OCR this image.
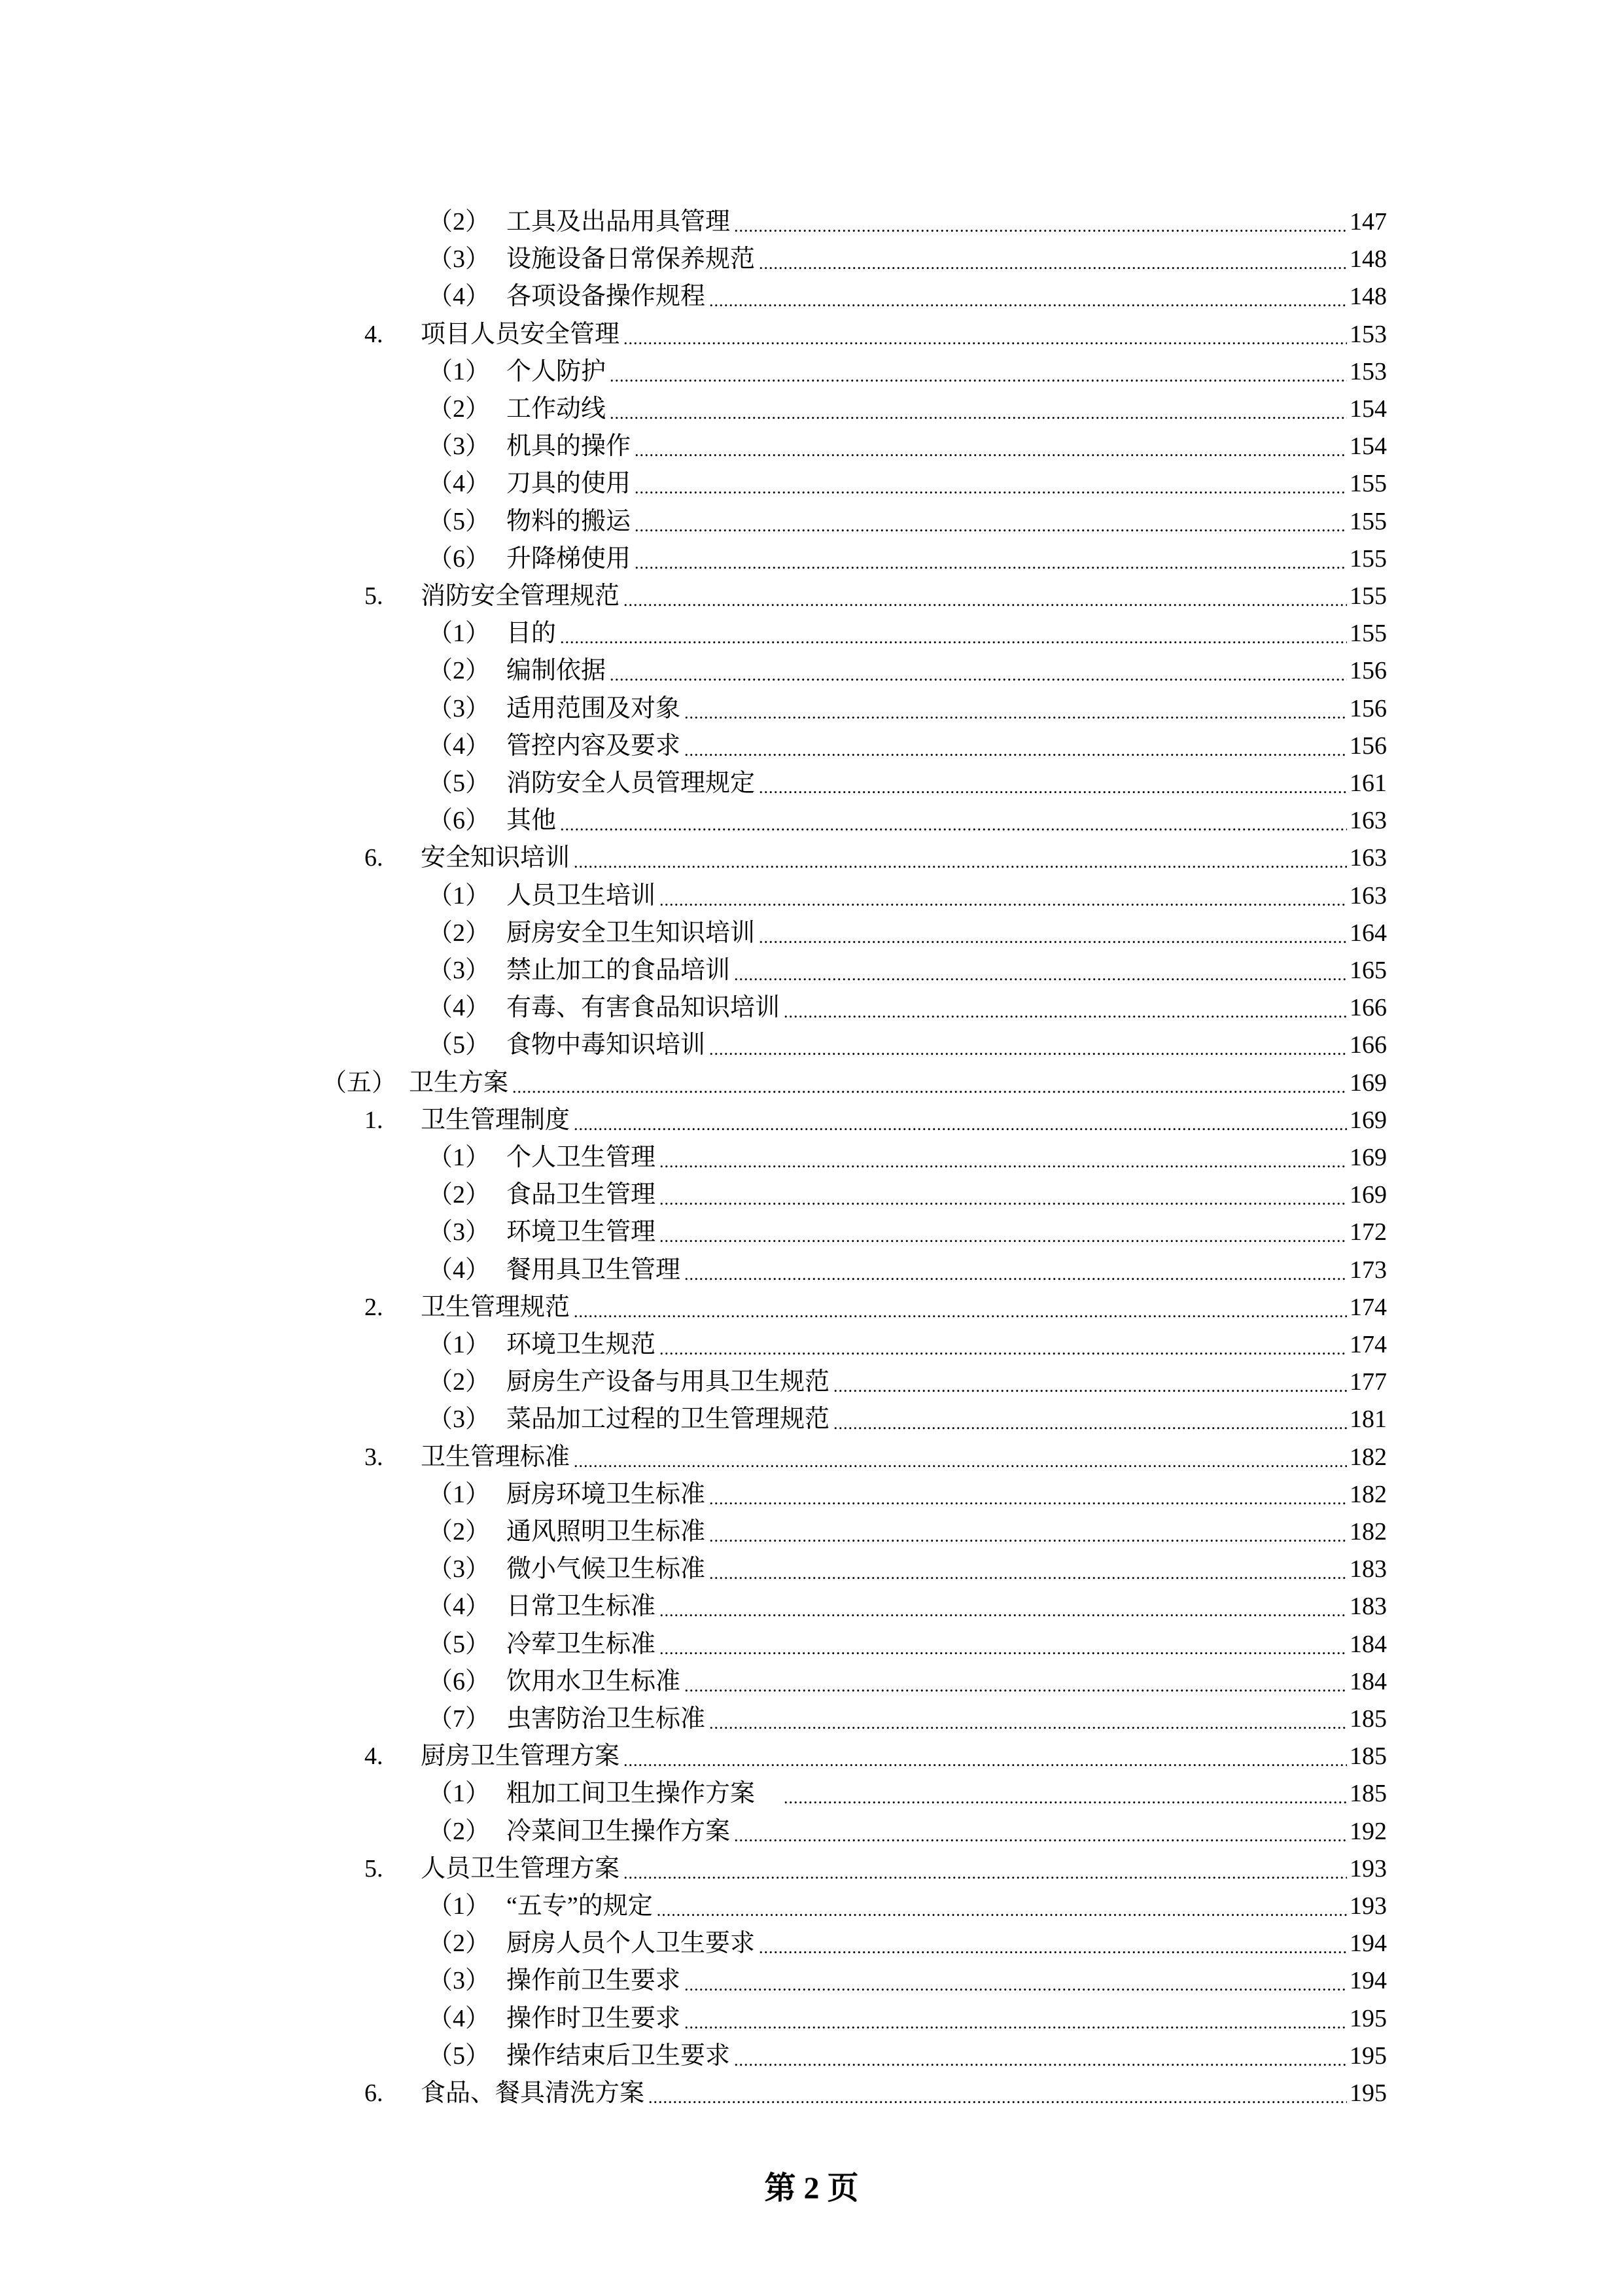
（2） 工具及出品用具管理 .....	147
（3） 设施设备日常保养规范 .....	148
（4） 各项设备操作规程 .....	148
4.	项目人员安全管理 .....	153
（1） 个人防护 .....	153
（2） 工作动线 .....	154
（3） 机具的操作 .....	154
（4） 刀具的使用 .....	155
（5） 物料的搬运 .....	155
（6） 升降梯使用 .....	155
5.	消防安全管理规范 .....	155
（1） 目的 .....	155
（2） 编制依据 .....	156
（3） 适用范围及对象 .....	156
（4） 管控内容及要求 .....	156
（5） 消防安全人员管理规定 .....	161
（6） 其他 .....	163
6.	安全知识培训 .....	163
（1） 人员卫生培训 .....	163
（2） 厨房安全卫生知识培训 .....	164
（3） 禁止加工的食品培训 .....	165
（4） 有毒、有害食品知识培训 .....	166
（5） 食物中毒知识培训 .....	166
（五） 卫生方案 .....	169
1.	卫生管理制度 .....	169
（1） 个人卫生管理 .....	169
（2） 食品卫生管理 .....	169
（3） 环境卫生管理 .....	172
（4） 餐用具卫生管理 .....	173
2.	卫生管理规范 .....	174
（1） 环境卫生规范 .....	174
（2） 厨房生产设备与用具卫生规范 .....	177
（3） 菜品加工过程的卫生管理规范 .....	181
3.	卫生管理标准 .....	182
（1） 厨房环境卫生标准 .....	182
（2） 通风照明卫生标准 .....	182
（3） 微小气候卫生标准 .....	183
（4） 日常卫生标准 .....	183
（5） 冷荤卫生标准 .....	184
（6） 饮用水卫生标准 .....	184
（7） 虫害防治卫生标准 .....	185
4.	厨房卫生管理方案 .....	185
（1） 粗加工间卫生操作方案　 .....	185
（2） 冷菜间卫生操作方案 .....	192
5.	人员卫生管理方案 .....	193
（1） “五专”的规定 .....	193
（2） 厨房人员个人卫生要求 .....	194
（3） 操作前卫生要求 .....	194
（4） 操作时卫生要求 .....	195
（5） 操作结束后卫生要求 .....	195
6.	食品、餐具清洗方案 .....	195
第 2 页
